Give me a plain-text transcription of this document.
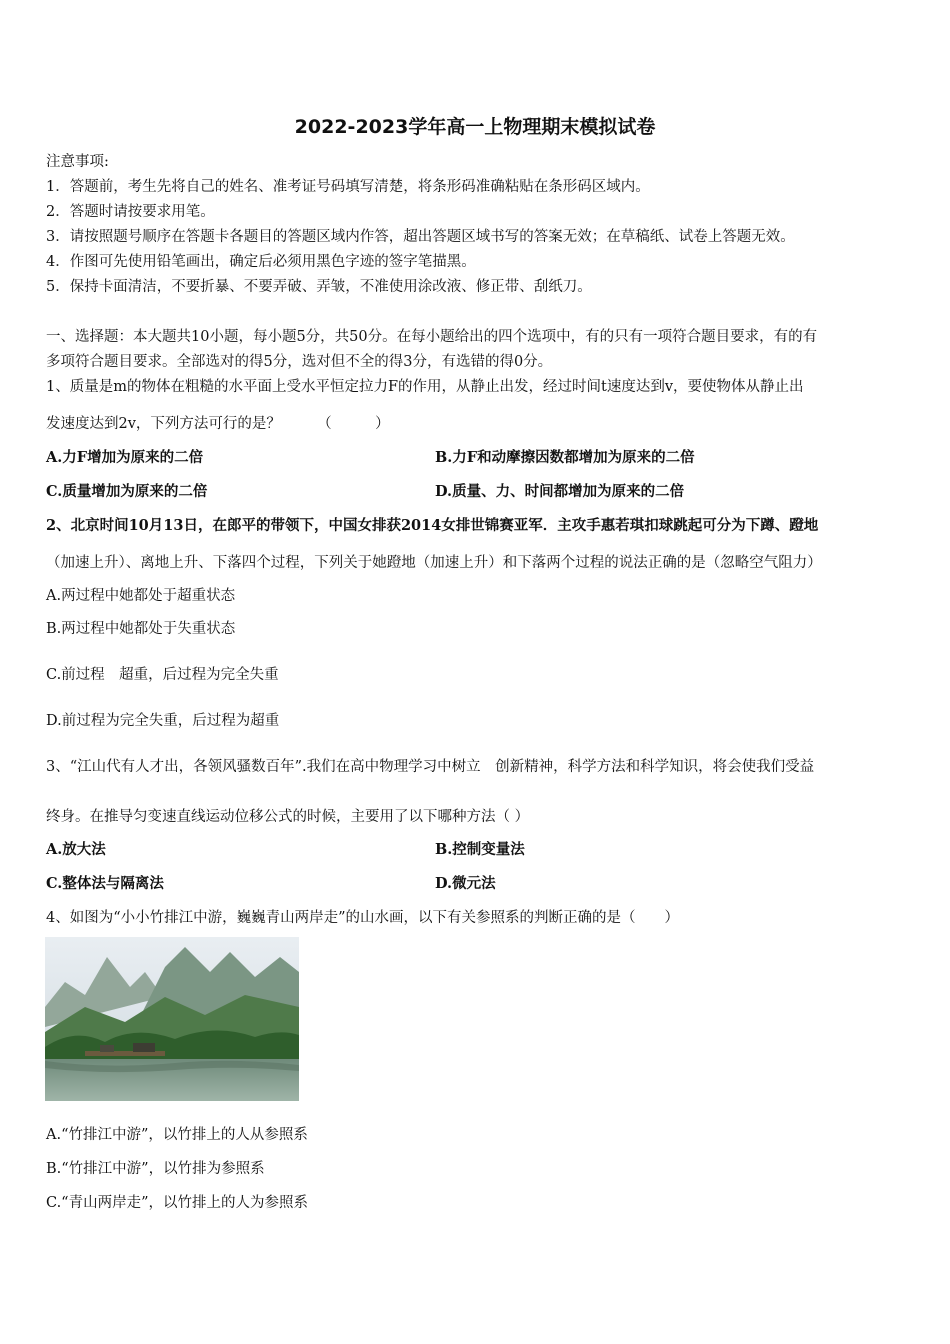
2022-2023学年高一上物理期末模拟试卷
注意事项:
1．答题前，考生先将自己的姓名、准考证号码填写清楚，将条形码准确粘贴在条形码区域内。
2．答题时请按要求用笔。
3．请按照题号顺序在答题卡各题目的答题区域内作答，超出答题区域书写的答案无效；在草稿纸、试卷上答题无效。
4．作图可先使用铅笔画出，确定后必须用黑色字迹的签字笔描黑。
5．保持卡面清洁，不要折暴、不要弄破、弄皱，不准使用涂改液、修正带、刮纸刀。
一、选择题：本大题共10小题，每小题5分，共50分。在每小题给出的四个选项中，有的只有一项符合题目要求，有的有
多项符合题目要求。全部选对的得5分，选对但不全的得3分，有选错的得0分。
1、质量是m的物体在粗糙的水平面上受水平恒定拉力F的作用，从静止出发，经过时间t速度达到v，要使物体从静止出
发速度达到2v，下列方法可行的是？　　　（　　　）
A.力F增加为原来的二倍	B.力F和动摩擦因数都增加为原来的二倍
C.质量增加为原来的二倍	D.质量、力、时间都增加为原来的二倍
2、北京时间10月13日，在郎平的带领下，中国女排获2014女排世锦赛亚军．主攻手惠若琪扣球跳起可分为下蹲、蹬地
（加速上升）、离地上升、下落四个过程，下列关于她蹬地（加速上升）和下落两个过程的说法正确的是（忽略空气阻力）
A.两过程中她都处于超重状态
B.两过程中她都处于失重状态
C.前过程　超重，后过程为完全失重
D.前过程为完全失重，后过程为超重
3、“江山代有人才出，各领风骚数百年”.我们在高中物理学习中树立　创新精神，科学方法和科学知识，将会使我们受益
终身。在推导匀变速直线运动位移公式的时候，主要用了以下哪种方法（ ）
A.放大法	B.控制变量法
C.整体法与隔离法	D.微元法
4、如图为“小小竹排江中游，巍巍青山两岸走”的山水画，以下有关参照系的判断正确的是（　　）
A.“竹排江中游”，以竹排上的人从参照系
B.“竹排江中游”，以竹排为参照系
C.“青山两岸走”，以竹排上的人为参照系
